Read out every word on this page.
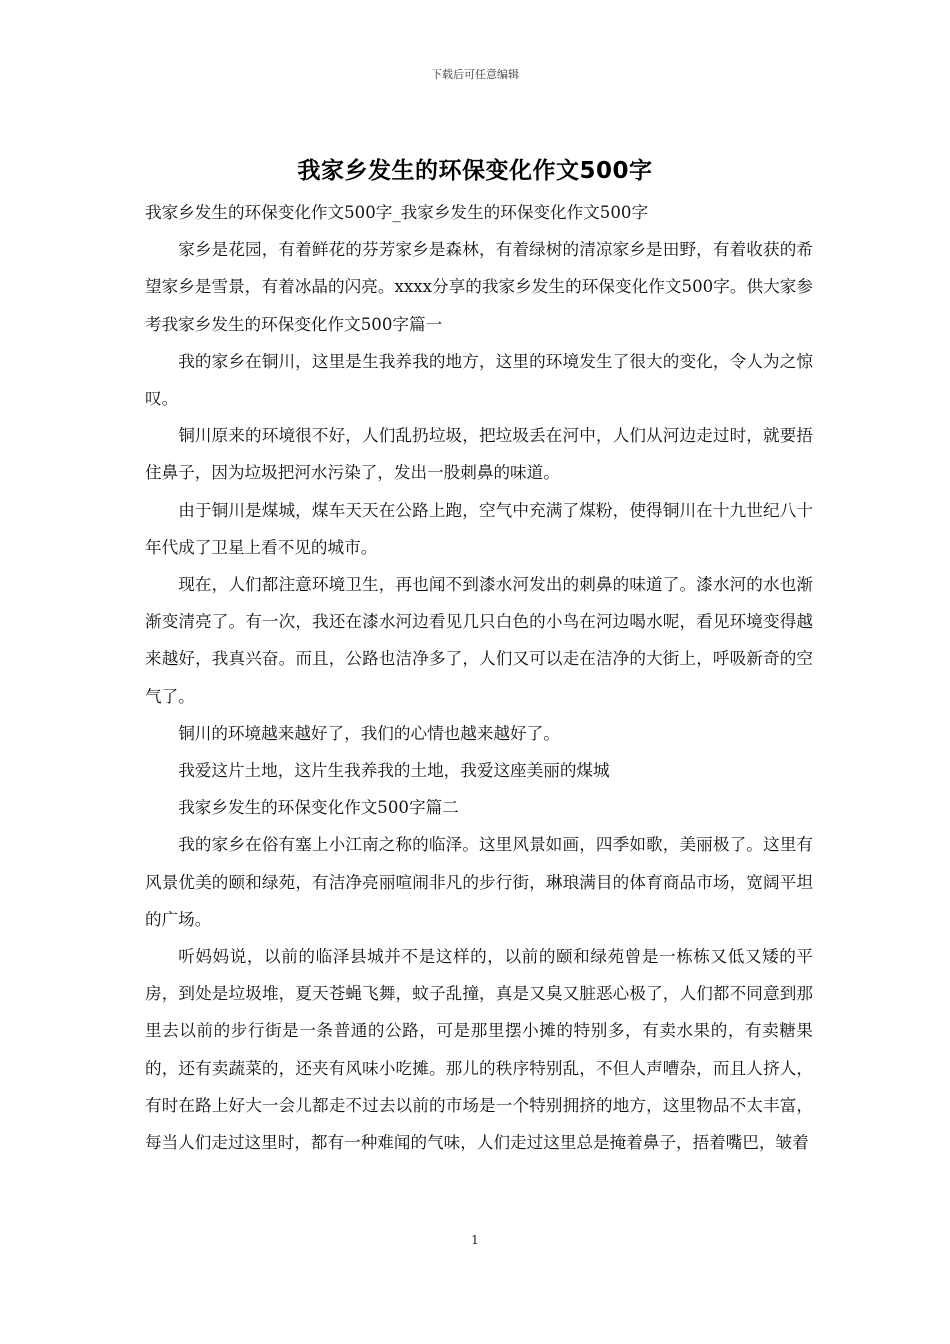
下载后可任意编辑
我家乡发生的环保变化作文500字

我家乡发生的环保变化作文500字_我家乡发生的环保变化作文500字

家乡是花园，有着鲜花的芬芳家乡是森林，有着绿树的清凉家乡是田野，有着收获的希望家乡是雪景，有着冰晶的闪亮。xxxx分享的我家乡发生的环保变化作文500字。供大家参考我家乡发生的环保变化作文500字篇一

我的家乡在铜川，这里是生我养我的地方，这里的环境发生了很大的变化，令人为之惊叹。

铜川原来的环境很不好，人们乱扔垃圾，把垃圾丢在河中，人们从河边走过时，就要捂住鼻子，因为垃圾把河水污染了，发出一股刺鼻的味道。

由于铜川是煤城，煤车天天在公路上跑，空气中充满了煤粉，使得铜川在十九世纪八十年代成了卫星上看不见的城市。

现在，人们都注意环境卫生，再也闻不到漆水河发出的刺鼻的味道了。漆水河的水也渐渐变清亮了。有一次，我还在漆水河边看见几只白色的小鸟在河边喝水呢，看见环境变得越来越好，我真兴奋。而且，公路也洁净多了，人们又可以走在洁净的大街上，呼吸新奇的空气了。

铜川的环境越来越好了，我们的心情也越来越好了。

我爱这片土地，这片生我养我的土地，我爱这座美丽的煤城

我家乡发生的环保变化作文500字篇二

我的家乡在俗有塞上小江南之称的临泽。这里风景如画，四季如歌，美丽极了。这里有风景优美的颐和绿苑，有洁净亮丽喧闹非凡的步行街，琳琅满目的体育商品市场，宽阔平坦的广场。

听妈妈说，以前的临泽县城并不是这样的，以前的颐和绿苑曾是一栋栋又低又矮的平房，到处是垃圾堆，夏天苍蝇飞舞，蚊子乱撞，真是又臭又脏恶心极了，人们都不同意到那里去以前的步行街是一条普通的公路，可是那里摆小摊的特别多，有卖水果的，有卖糖果的，还有卖蔬菜的，还夹有风味小吃摊。那儿的秩序特别乱，不但人声嘈杂，而且人挤人，有时在路上好大一会儿都走不过去以前的市场是一个特别拥挤的地方，这里物品不太丰富，每当人们走过这里时，都有一种难闻的气味，人们走过这里总是掩着鼻子，捂着嘴巴，皱着

1
